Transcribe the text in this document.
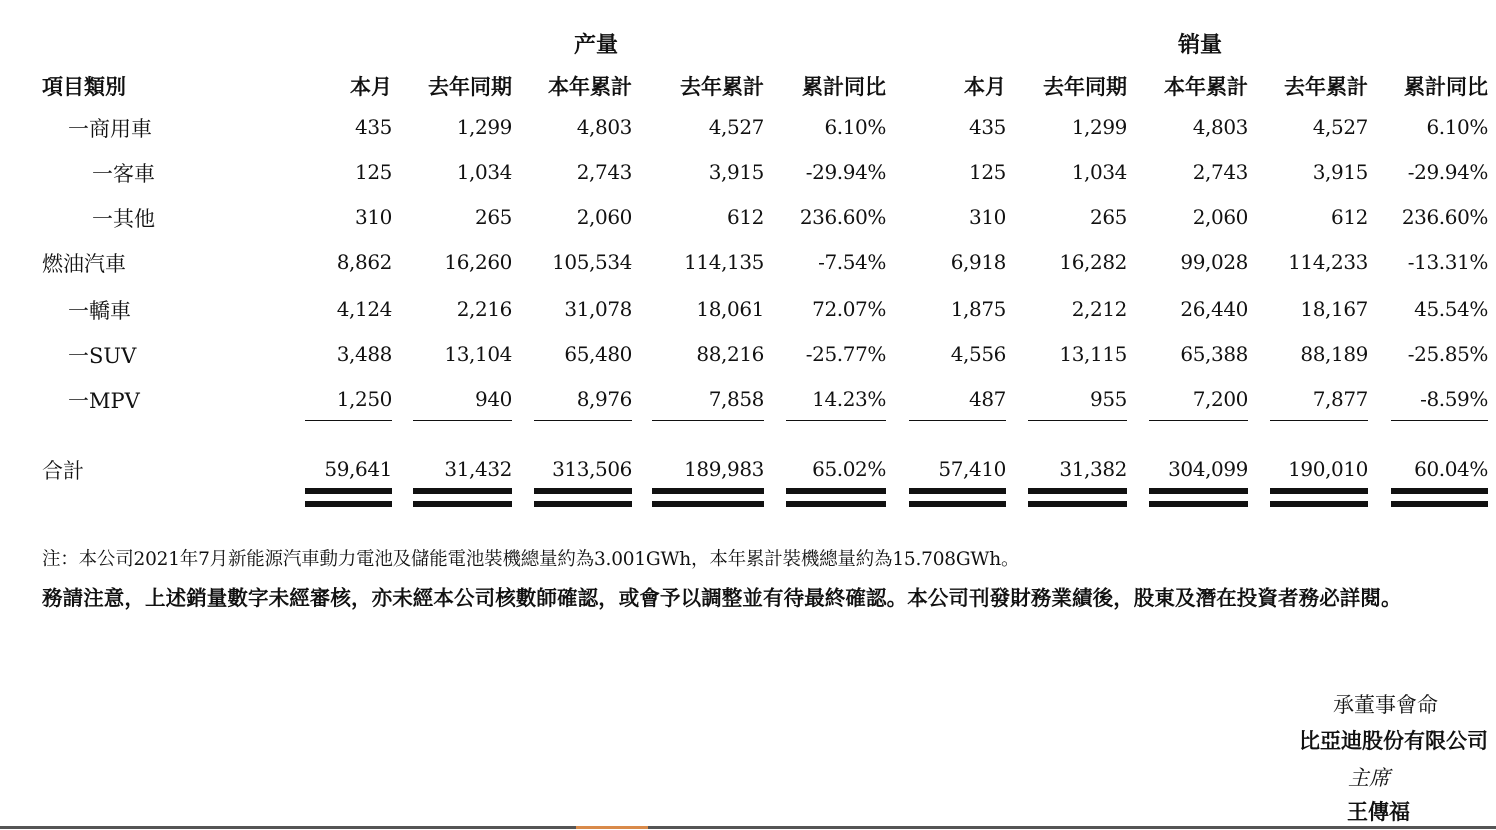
产量	销量
項目類別	本月	去年同期	本年累計	去年累計	累計同比	本月	去年同期	本年累計	去年累計	累計同比
一商用車	435	1,299	4,803	4,527	6.10%	435	1,299	4,803	4,527	6.10%
一客車	125	1,034	2,743	3,915	-29.94%	125	1,034	2,743	3,915	-29.94%
一其他	310	265	2,060	612	236.60%	310	265	2,060	612	236.60%
燃油汽車	8,862	16,260	105,534	114,135	-7.54%	6,918	16,282	99,028	114,233	-13.31%
一轎車	4,124	2,216	31,078	18,061	72.07%	1,875	2,212	26,440	18,167	45.54%
一SUV	3,488	13,104	65,480	88,216	-25.77%	4,556	13,115	65,388	88,189	-25.85%
一MPV	1,250	940	8,976	7,858	14.23%	487	955	7,200	7,877	-8.59%
合計	59,641	31,432	313,506	189,983	65.02%	57,410	31,382	304,099	190,010	60.04%
注：本公司2021年7月新能源汽車動力電池及儲能電池裝機總量約為3.001GWh，本年累計裝機總量約為15.708GWh。
務請注意，上述銷量數字未經審核，亦未經本公司核數師確認，或會予以調整並有待最終確認。本公司刊發財務業績後，股東及潛在投資者務必詳閱。
承董事會命
比亞迪股份有限公司
主席
王傳福
